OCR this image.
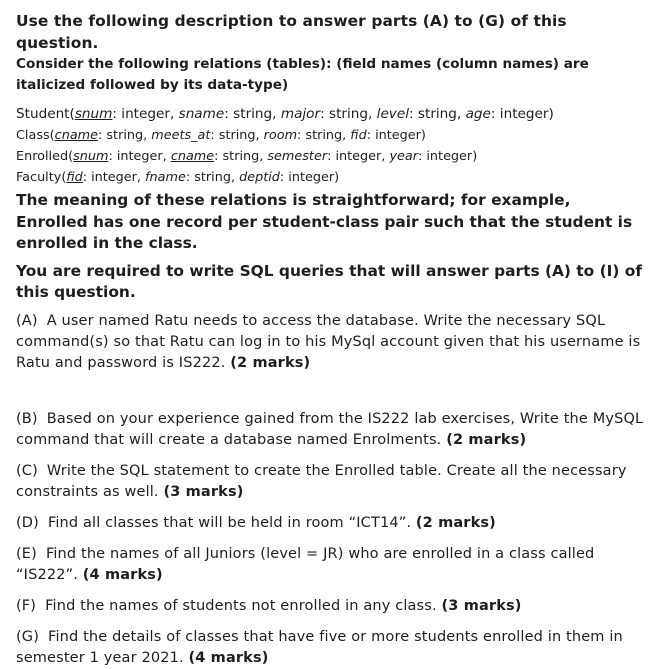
Use the following description to answer parts (A) to (G) of this question.

Consider the following relations (tables): (field names (column names) are italicized followed by its data-type)

Student(snum: integer, sname: string, major: string, level: string, age: integer)

Class(cname: string, meets_at: string, room: string, fid: integer)

Enrolled(snum: integer, cname: string, semester: integer, year: integer)

Faculty(fid: integer, fname: string, deptid: integer)

The meaning of these relations is straightforward; for example, Enrolled has one record per student-class pair such that the student is enrolled in the class.

You are required to write SQL queries that will answer parts (A) to (I) of this question.

(A) A user named Ratu needs to access the database. Write the necessary SQL command(s) so that Ratu can log in to his MySql account given that his username is Ratu and password is IS222. (2 marks)

(B) Based on your experience gained from the IS222 lab exercises, Write the MySQL command that will create a database named Enrolments. (2 marks)

(C) Write the SQL statement to create the Enrolled table. Create all the necessary constraints as well. (3 marks)

(D) Find all classes that will be held in room “ICT14”. (2 marks)

(E) Find the names of all Juniors (level = JR) who are enrolled in a class called “IS222”. (4 marks)

(F) Find the names of students not enrolled in any class. (3 marks)

(G) Find the details of classes that have five or more students enrolled in them in semester 1 year 2021. (4 marks)
